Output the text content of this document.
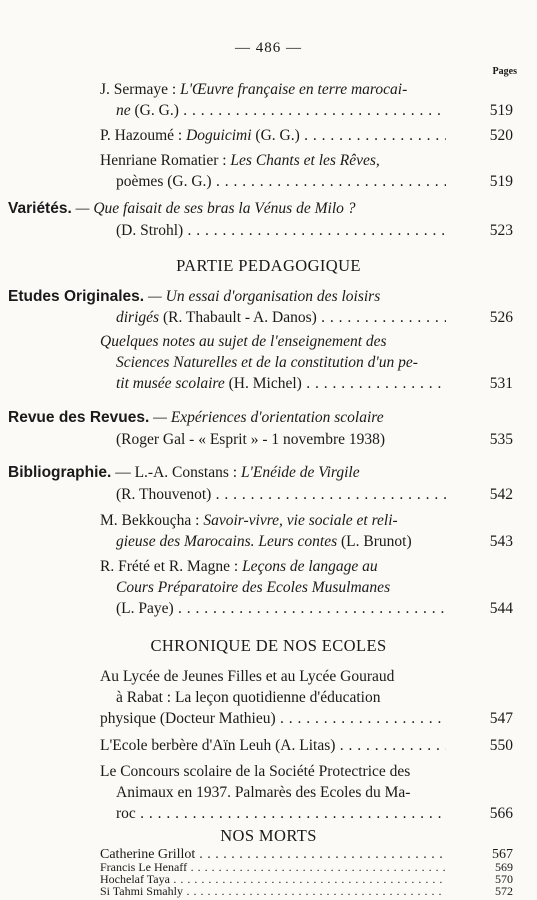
— 486 —
Pages
J. Sermaye : L'Œuvre française en terre marocai-
ne (G. G.) . . .	519
P. Hazoumé : Doguicimi (G. G.) . . .	520
Henriane Romatier : Les Chants et les Rêves,
poèmes (G. G.) . . .	519
Variétés. — Que faisait de ses bras la Vénus de Milo ?
(D. Strohl) . . .	523
PARTIE PEDAGOGIQUE
Etudes Originales. — Un essai d'organisation des loisirs
dirigés (R. Thabault - A. Danos) . . .	526
Quelques notes au sujet de l'enseignement des
Sciences Naturelles et de la constitution d'un pe-
tit musée scolaire (H. Michel) . . .	531
Revue des Revues. — Expériences d'orientation scolaire
(Roger Gal - « Esprit » - 1 novembre 1938)	535
Bibliographie. — L.-A. Constans : L'Enéide de Virgile
(R. Thouvenot) . . .	542
M. Bekkouçha : Savoir-vivre, vie sociale et reli-
gieuse des Marocains. Leurs contes (L. Brunot)	543
R. Frété et R. Magne : Leçons de langage au
Cours Préparatoire des Ecoles Musulmanes
(L. Paye) . . .	544
CHRONIQUE DE NOS ECOLES
Au Lycée de Jeunes Filles et au Lycée Gouraud
à Rabat : La leçon quotidienne d'éducation
physique (Docteur Mathieu) . . .	547
L'Ecole berbère d'Aïn Leuh (A. Litas) . . .	550
Le Concours scolaire de la Société Protectrice des
Animaux en 1937. Palmarès des Ecoles du Ma-
roc . . .	566
NOS MORTS
Catherine Grillot . . .	567
Francis Le Henaff . . .	569
Hochelaf Taya . . .	570
Si Tahmi Smahly . . .	572
